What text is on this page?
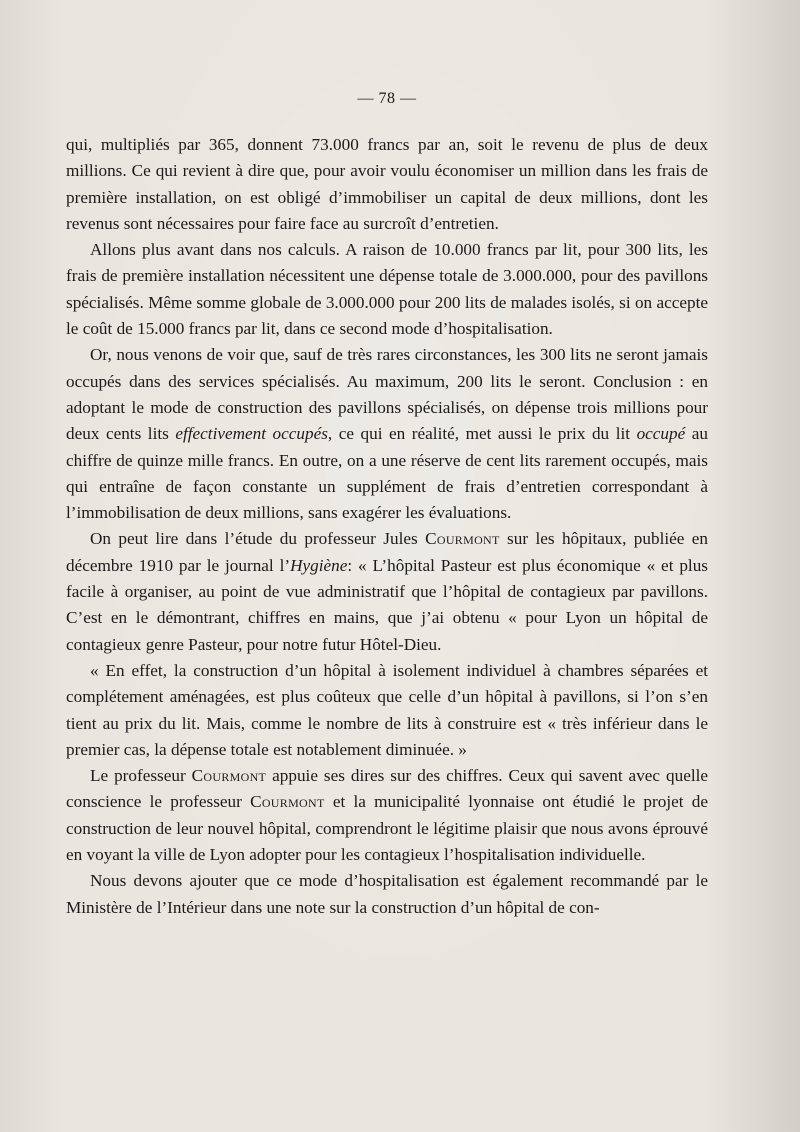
— 78 —

qui, multipliés par 365, donnent 73.000 francs par an, soit le revenu de plus de deux millions. Ce qui revient à dire que, pour avoir voulu économiser un million dans les frais de première installation, on est obligé d’immobiliser un capital de deux millions, dont les revenus sont nécessaires pour faire face au surcroît d’entretien.

Allons plus avant dans nos calculs. A raison de 10.000 francs par lit, pour 300 lits, les frais de première installation nécessitent une dépense totale de 3.000.000, pour des pavillons spécialisés. Même somme globale de 3.000.000 pour 200 lits de malades isolés, si on accepte le coût de 15.000 francs par lit, dans ce second mode d’hospitalisation.

Or, nous venons de voir que, sauf de très rares circonstances, les 300 lits ne seront jamais occupés dans des services spécialisés. Au maximum, 200 lits le seront. Conclusion : en adoptant le mode de construction des pavillons spécialisés, on dépense trois millions pour deux cents lits effectivement occupés, ce qui en réalité, met aussi le prix du lit occupé au chiffre de quinze mille francs. En outre, on a une réserve de cent lits rarement occupés, mais qui entraîne de façon constante un supplément de frais d’entretien correspondant à l’immobilisation de deux millions, sans exagérer les évaluations.

On peut lire dans l’étude du professeur Jules Courmont sur les hôpitaux, publiée en décembre 1910 par le journal l’Hygiène: « L’hôpital Pasteur est plus économique « et plus facile à organiser, au point de vue administratif que l’hôpital de contagieux par pavillons. C’est en le démontrant, chiffres en mains, que j’ai obtenu « pour Lyon un hôpital de contagieux genre Pasteur, pour notre futur Hôtel-Dieu.

« En effet, la construction d’un hôpital à isolement individuel à chambres séparées et complétement aménagées, est plus coûteux que celle d’un hôpital à pavillons, si l’on s’en tient au prix du lit. Mais, comme le nombre de lits à construire est « très inférieur dans le premier cas, la dépense totale est notablement diminuée. »

Le professeur Courmont appuie ses dires sur des chiffres. Ceux qui savent avec quelle conscience le professeur Courmont et la municipalité lyonnaise ont étudié le projet de construction de leur nouvel hôpital, comprendront le légitime plaisir que nous avons éprouvé en voyant la ville de Lyon adopter pour les contagieux l’hospitalisation individuelle.

Nous devons ajouter que ce mode d’hospitalisation est également recommandé par le Ministère de l’Intérieur dans une note sur la construction d’un hôpital de con-
